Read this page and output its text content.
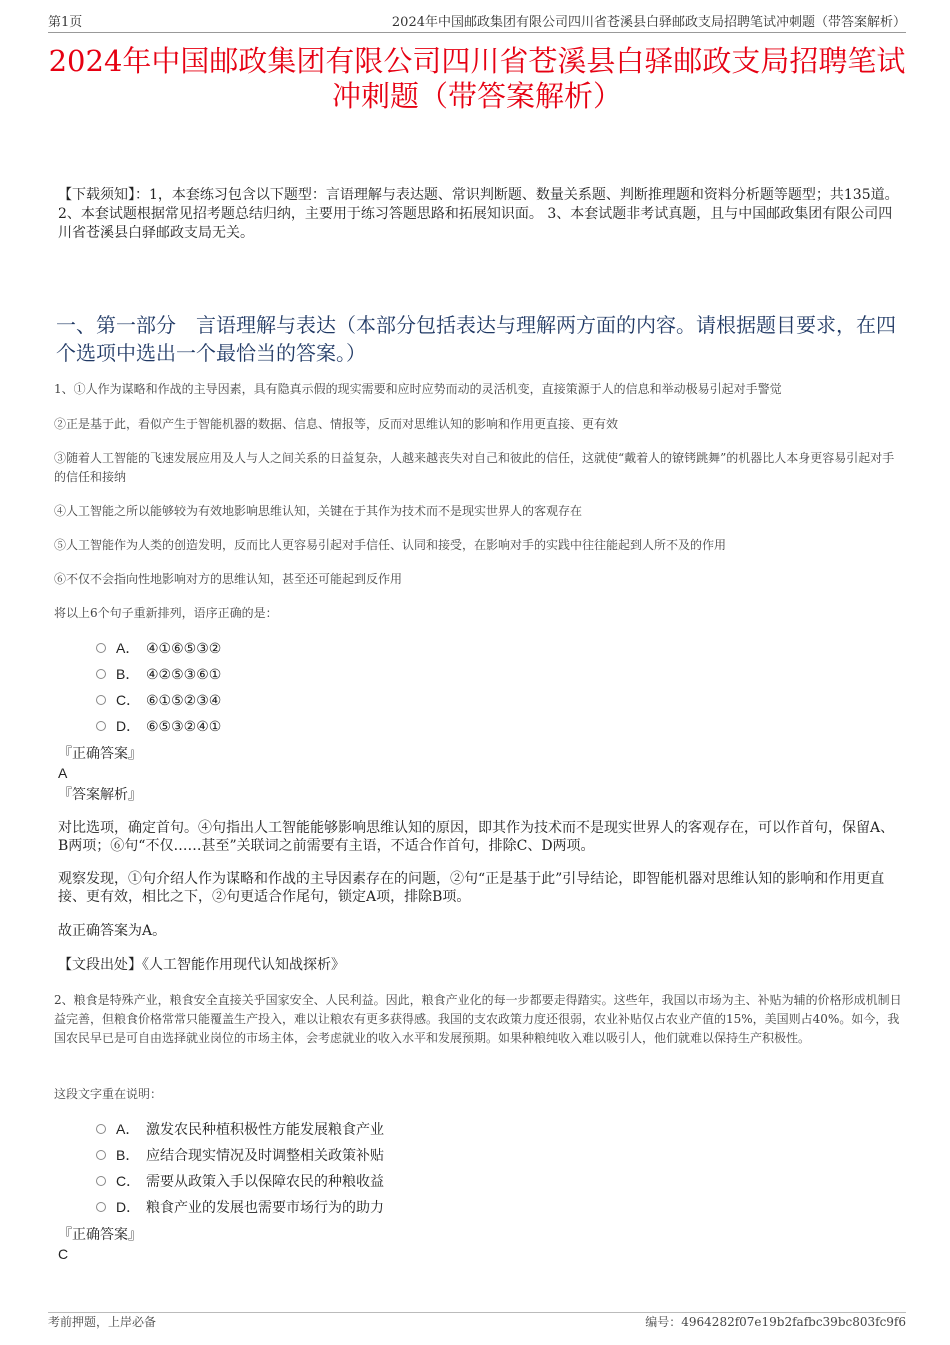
第1页	2024年中国邮政集团有限公司四川省苍溪县白驿邮政支局招聘笔试冲刺题（带答案解析）
2024年中国邮政集团有限公司四川省苍溪县白驿邮政支局招聘笔试冲刺题（带答案解析）
【下载须知】：1，本套练习包含以下题型：言语理解与表达题、常识判断题、数量关系题、判断推理题和资料分析题等题型；共135道。 2、本套试题根据常见招考题总结归纳，主要用于练习答题思路和拓展知识面。 3、本套试题非考试真题，且与中国邮政集团有限公司四川省苍溪县白驿邮政支局无关。
一、第一部分　言语理解与表达（本部分包括表达与理解两方面的内容。请根据题目要求，在四个选项中选出一个最恰当的答案。）
1、①人作为谋略和作战的主导因素，具有隐真示假的现实需要和应时应势而动的灵活机变，直接策源于人的信息和举动极易引起对手警觉
②正是基于此，看似产生于智能机器的数据、信息、情报等，反而对思维认知的影响和作用更直接、更有效
③随着人工智能的飞速发展应用及人与人之间关系的日益复杂，人越来越丧失对自己和彼此的信任，这就使“戴着人的镣铐跳舞”的机器比人本身更容易引起对手的信任和接纳
④人工智能之所以能够较为有效地影响思维认知，关键在于其作为技术而不是现实世界人的客观存在
⑤人工智能作为人类的创造发明，反而比人更容易引起对手信任、认同和接受，在影响对手的实践中往往能起到人所不及的作用
⑥不仅不会指向性地影响对方的思维认知，甚至还可能起到反作用
将以上6个句子重新排列，语序正确的是：
A． ④①⑥⑤③②
B． ④②⑤③⑥①
C． ⑥①⑤②③④
D． ⑥⑤③②④①
『正确答案』
A
『答案解析』
对比选项，确定首句。④句指出人工智能能够影响思维认知的原因，即其作为技术而不是现实世界人的客观存在，可以作首句，保留A、B两项；⑥句“不仅……甚至”关联词之前需要有主语，不适合作首句，排除C、D两项。
观察发现，①句介绍人作为谋略和作战的主导因素存在的问题，②句“正是基于此”引导结论，即智能机器对思维认知的影响和作用更直接、更有效，相比之下，②句更适合作尾句，锁定A项，排除B项。
故正确答案为A。
【文段出处】《人工智能作用现代认知战探析》
2、粮食是特殊产业，粮食安全直接关乎国家安全、人民利益。因此，粮食产业化的每一步都要走得踏实。这些年，我国以市场为主、补贴为辅的价格形成机制日益完善，但粮食价格常常只能覆盖生产投入，难以让粮农有更多获得感。我国的支农政策力度还很弱，农业补贴仅占农业产值的15%，美国则占40%。如今，我国农民早已是可自由选择就业岗位的市场主体，会考虑就业的收入水平和发展预期。如果种粮纯收入难以吸引人，他们就难以保持生产积极性。
这段文字重在说明：
A． 激发农民种植积极性方能发展粮食产业
B． 应结合现实情况及时调整相关政策补贴
C． 需要从政策入手以保障农民的种粮收益
D． 粮食产业的发展也需要市场行为的助力
『正确答案』
C
考前押题，上岸必备	编号：4964282f07e19b2fafbc39bc803fc9f6
